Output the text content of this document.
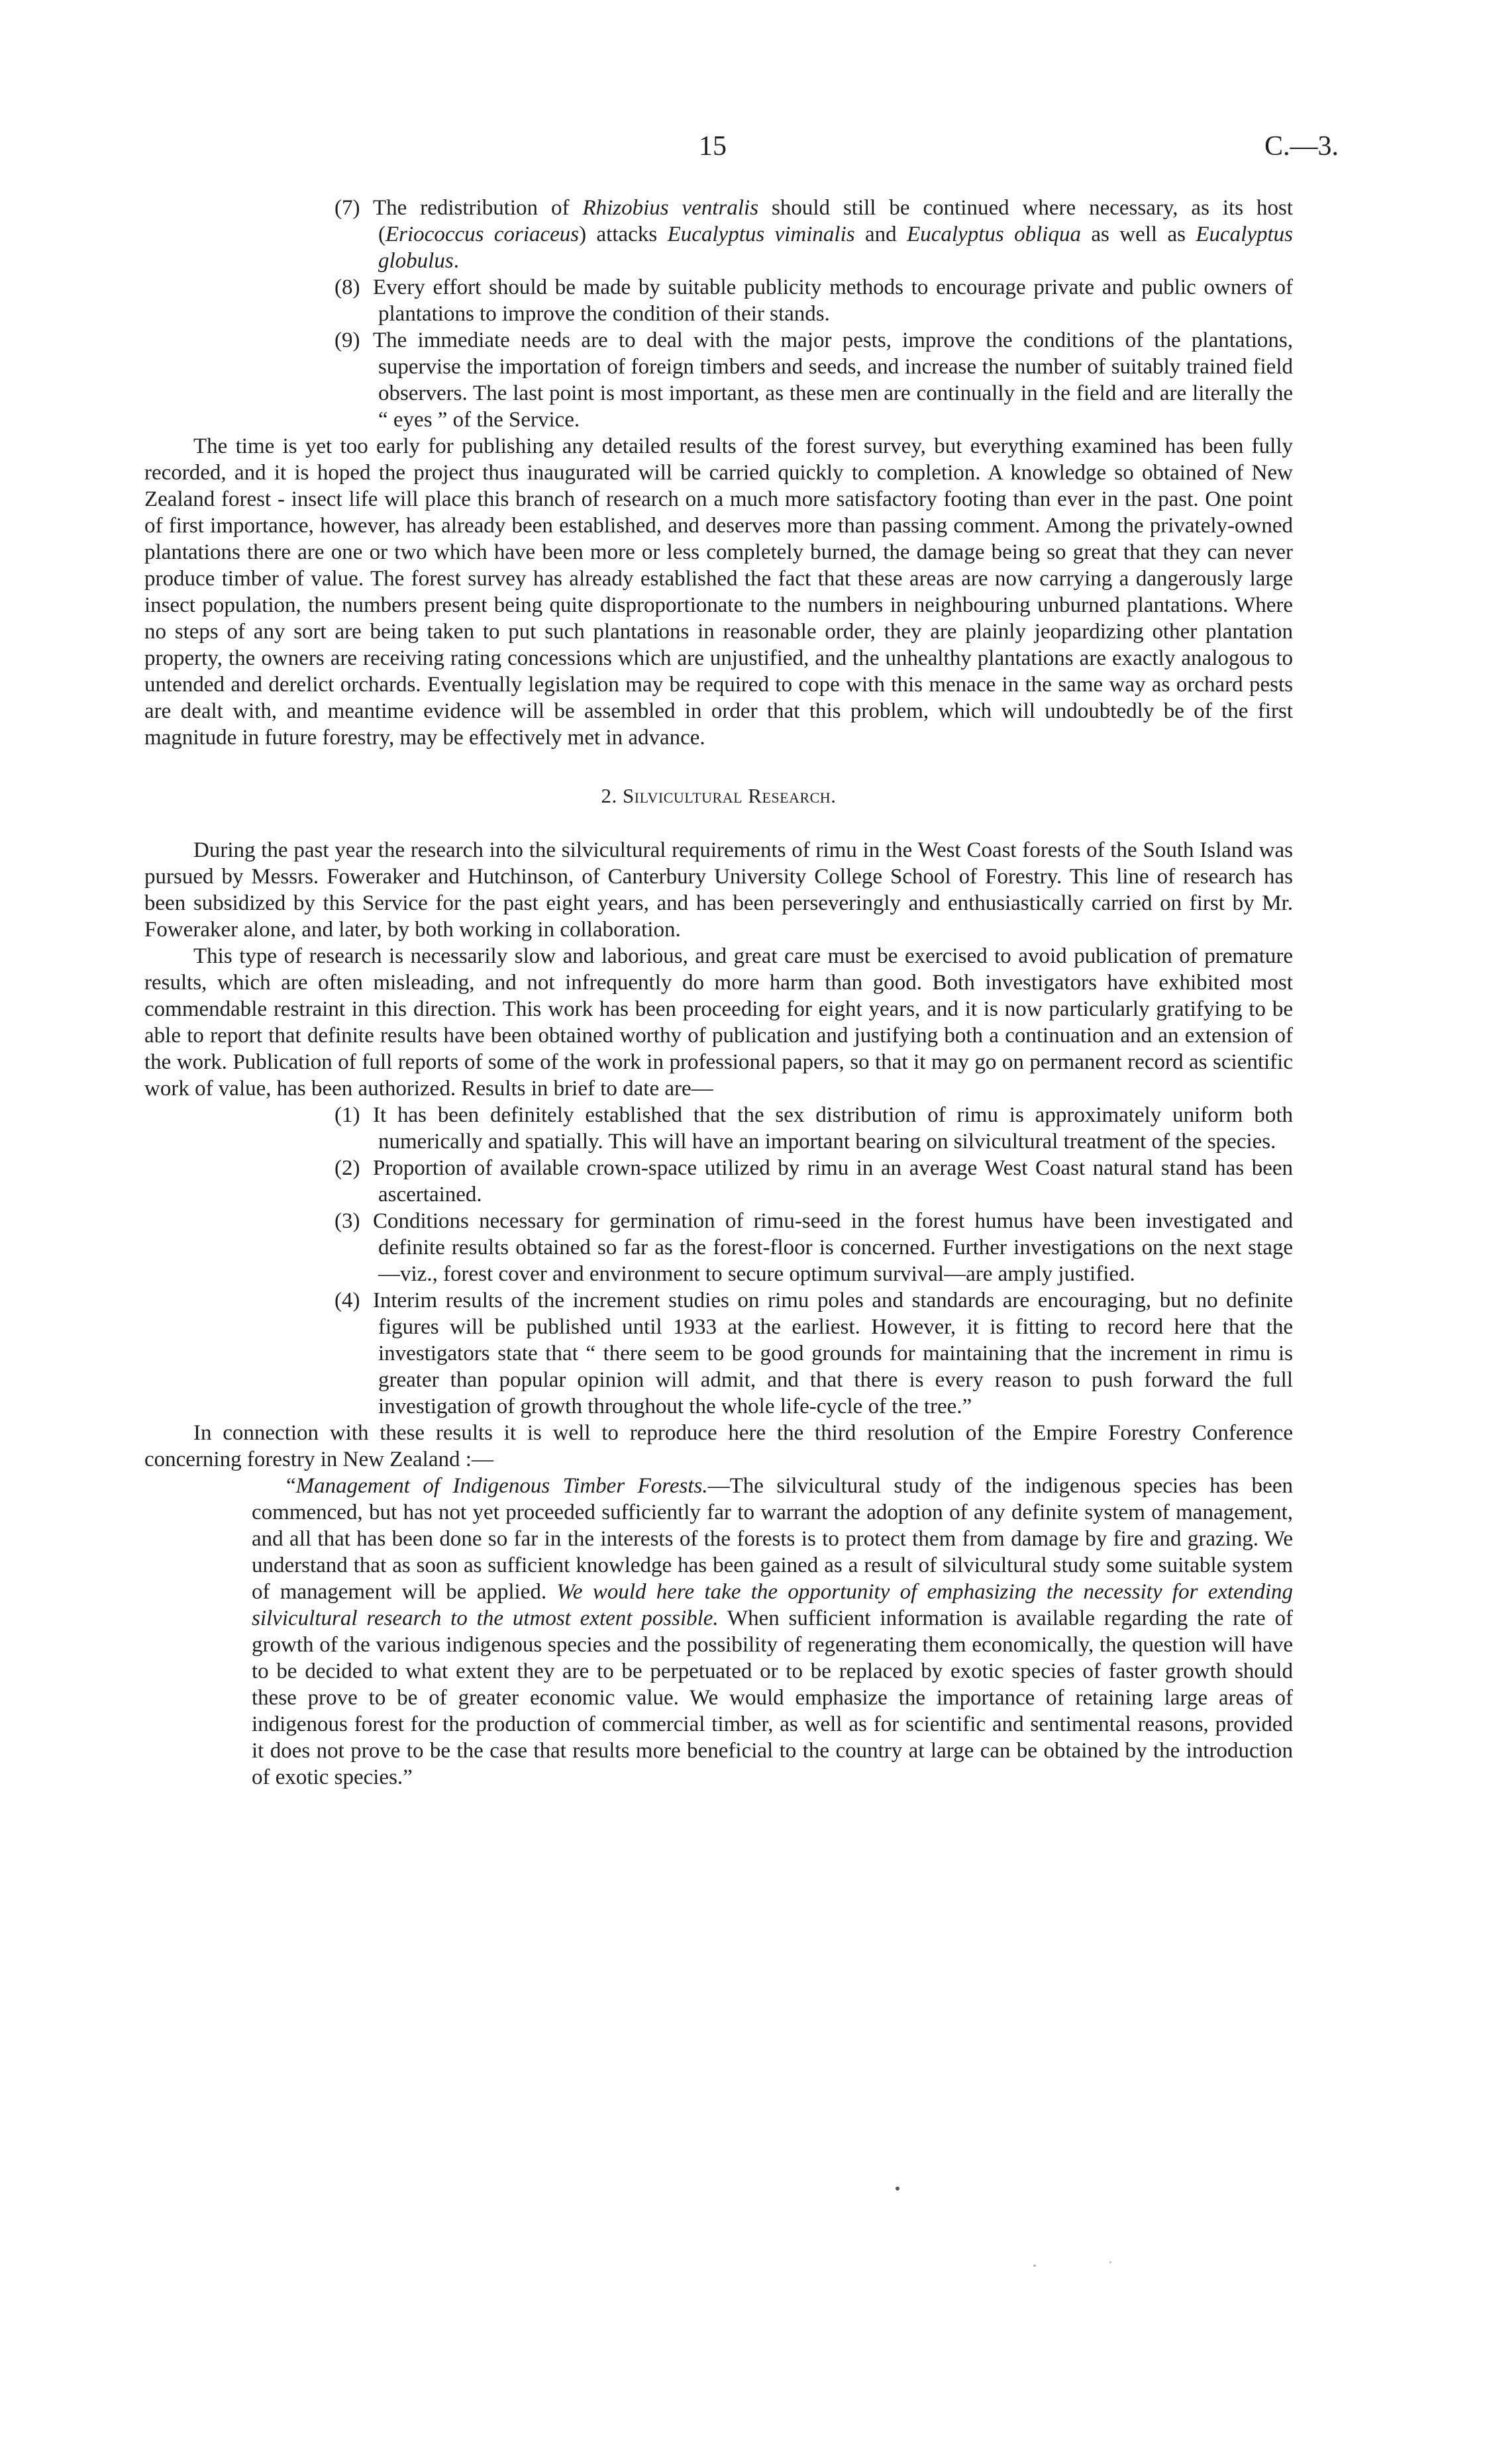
15	C.—3.

(7) The redistribution of Rhizobius ventralis should still be continued where necessary, as its host (Eriococcus coriaceus) attacks Eucalyptus viminalis and Eucalyptus obliqua as well as Eucalyptus globulus.

(8) Every effort should be made by suitable publicity methods to encourage private and public owners of plantations to improve the condition of their stands.

(9) The immediate needs are to deal with the major pests, improve the conditions of the plantations, supervise the importation of foreign timbers and seeds, and increase the number of suitably trained field observers. The last point is most important, as these men are continually in the field and are literally the “ eyes ” of the Service.

The time is yet too early for publishing any detailed results of the forest survey, but everything examined has been fully recorded, and it is hoped the project thus inaugurated will be carried quickly to completion. A knowledge so obtained of New Zealand forest - insect life will place this branch of research on a much more satisfactory footing than ever in the past. One point of first importance, however, has already been established, and deserves more than passing comment. Among the privately-owned plantations there are one or two which have been more or less completely burned, the damage being so great that they can never produce timber of value. The forest survey has already established the fact that these areas are now carrying a dangerously large insect population, the numbers present being quite disproportionate to the numbers in neighbouring unburned plantations. Where no steps of any sort are being taken to put such plantations in reasonable order, they are plainly jeopardizing other plantation property, the owners are receiving rating concessions which are unjustified, and the unhealthy plantations are exactly analogous to untended and derelict orchards. Eventually legislation may be required to cope with this menace in the same way as orchard pests are dealt with, and meantime evidence will be assembled in order that this problem, which will undoubtedly be of the first magnitude in future forestry, may be effectively met in advance.

2. Silvicultural Research.

During the past year the research into the silvicultural requirements of rimu in the West Coast forests of the South Island was pursued by Messrs. Foweraker and Hutchinson, of Canterbury University College School of Forestry. This line of research has been subsidized by this Service for the past eight years, and has been perseveringly and enthusiastically carried on first by Mr. Foweraker alone, and later, by both working in collaboration.

This type of research is necessarily slow and laborious, and great care must be exercised to avoid publication of premature results, which are often misleading, and not infrequently do more harm than good. Both investigators have exhibited most commendable restraint in this direction. This work has been proceeding for eight years, and it is now particularly gratifying to be able to report that definite results have been obtained worthy of publication and justifying both a continuation and an extension of the work. Publication of full reports of some of the work in professional papers, so that it may go on permanent record as scientific work of value, has been authorized. Results in brief to date are—

(1) It has been definitely established that the sex distribution of rimu is approximately uniform both numerically and spatially. This will have an important bearing on silvicultural treatment of the species.

(2) Proportion of available crown-space utilized by rimu in an average West Coast natural stand has been ascertained.

(3) Conditions necessary for germination of rimu-seed in the forest humus have been investigated and definite results obtained so far as the forest-floor is concerned. Further investigations on the next stage—viz., forest cover and environment to secure optimum survival—are amply justified.

(4) Interim results of the increment studies on rimu poles and standards are encouraging, but no definite figures will be published until 1933 at the earliest. However, it is fitting to record here that the investigators state that “ there seem to be good grounds for maintaining that the increment in rimu is greater than popular opinion will admit, and that there is every reason to push forward the full investigation of growth throughout the whole life-cycle of the tree.”

In connection with these results it is well to reproduce here the third resolution of the Empire Forestry Conference concerning forestry in New Zealand :—

“Management of Indigenous Timber Forests.—The silvicultural study of the indigenous species has been commenced, but has not yet proceeded sufficiently far to warrant the adoption of any definite system of management, and all that has been done so far in the interests of the forests is to protect them from damage by fire and grazing. We understand that as soon as sufficient knowledge has been gained as a result of silvicultural study some suitable system of management will be applied. We would here take the opportunity of emphasizing the necessity for extending silvicultural research to the utmost extent possible. When sufficient information is available regarding the rate of growth of the various indigenous species and the possibility of regenerating them economically, the question will have to be decided to what extent they are to be perpetuated or to be replaced by exotic species of faster growth should these prove to be of greater economic value. We would emphasize the importance of retaining large areas of indigenous forest for the production of commercial timber, as well as for scientific and sentimental reasons, provided it does not prove to be the case that results more beneficial to the country at large can be obtained by the introduction of exotic species.”
